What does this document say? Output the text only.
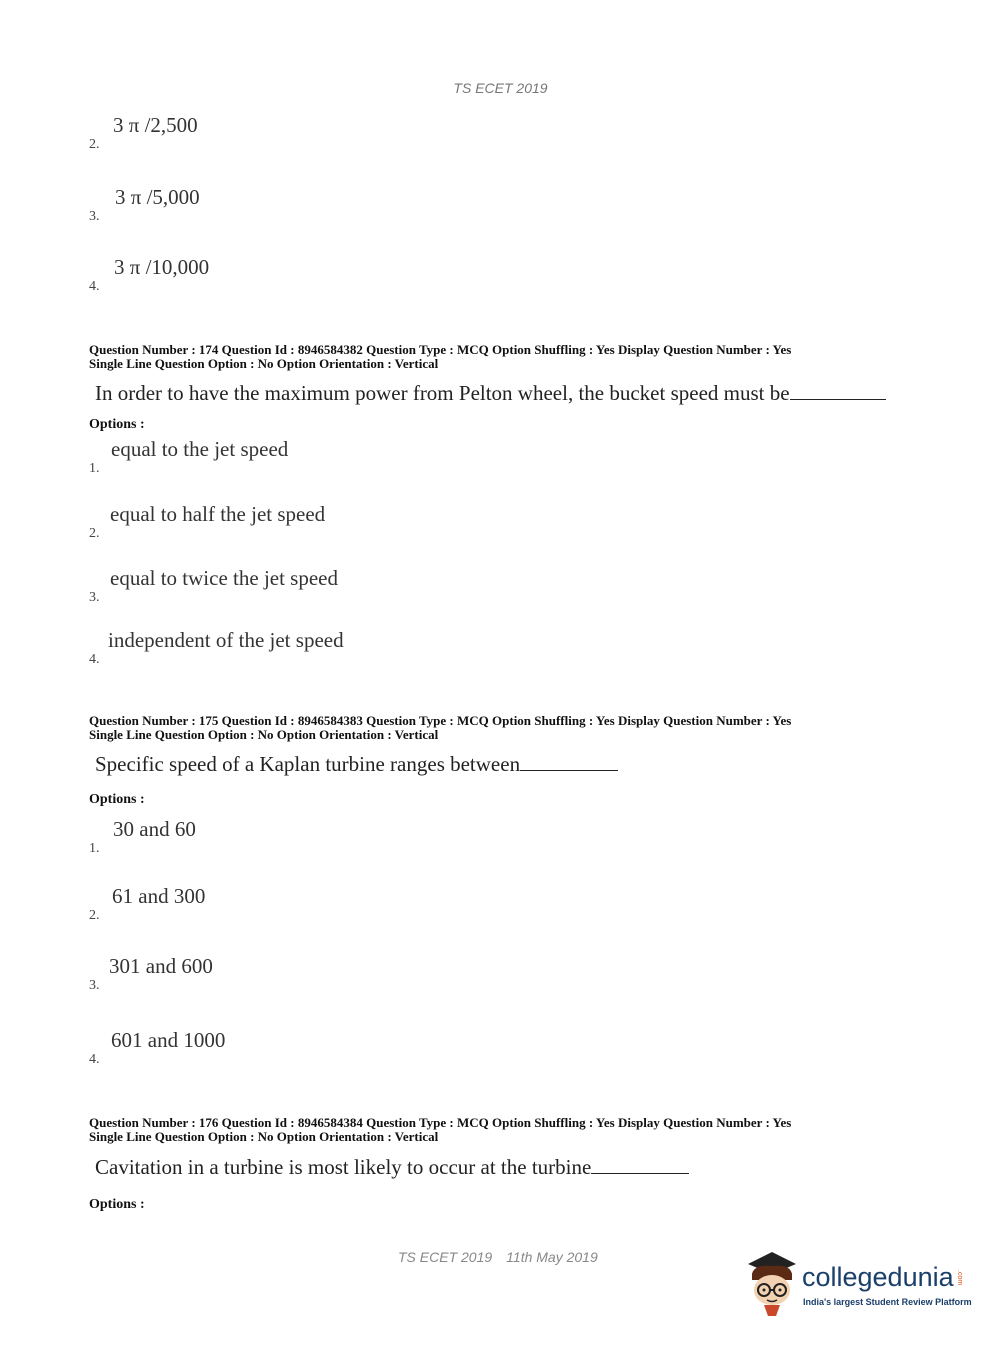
TS ECET 2019
2.
3 π /2,500
3.
3 π /5,000
4.
3 π /10,000
Question Number : 174 Question Id : 8946584382 Question Type : MCQ Option Shuffling : Yes Display Question Number : Yes
Single Line Question Option : No Option Orientation : Vertical
In order to have the maximum power from Pelton wheel, the bucket speed must be
Options :
1.
equal to the jet speed
2.
equal to half the jet speed
3.
equal to twice the jet speed
4.
independent of the jet speed
Question Number : 175 Question Id : 8946584383 Question Type : MCQ Option Shuffling : Yes Display Question Number : Yes
Single Line Question Option : No Option Orientation : Vertical
Specific speed of a Kaplan turbine ranges between
Options :
1.
30 and 60
2.
61 and 300
3.
301 and 600
4.
601 and 1000
Question Number : 176 Question Id : 8946584384 Question Type : MCQ Option Shuffling : Yes Display Question Number : Yes
Single Line Question Option : No Option Orientation : Vertical
Cavitation in a turbine is most likely to occur at the turbine
Options :
TS ECET 2019 11th May 2019
collegedunia .com
India's largest Student Review Platform
